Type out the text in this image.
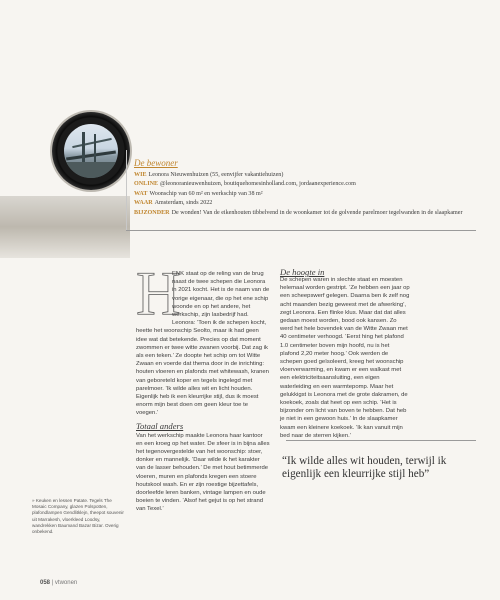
De bewoner
WIE Leonora Nieuwenhuizen (55, eenvijfer vakantiehuizen)
ONLINE @leonoranieuwenhuizen, boutiquehomesinholland.com, jordaanexperience.com
WAT Woonschip van 60 m² en werkschip van 38 m²
WAAR Amsterdam, sinds 2022
BIJZONDER De wonden! Van de eikenhouten tibbelvend in de woonkamer tot de golvende parelmoer tegelwanden in de slaapkamer
H

ENK staat op de reling van de brug naast de twee schepen die Leonora in 2021 kocht. Het is de naam van de vorige eigenaar, die op het ene schip woonde en op het andere, het werkschip, zijn lasbedrijf had. Leonora: ‘Toen ik de schepen kocht, heette het woonschip Seolto, maar ik had geen idee wat dat betekende. Precies op dat moment zwommen er twee witte zwanen voorbij. Dat zag ik als een teken.’ Ze doopte het schip om tot Witte Zwaan en voerde dat thema door in de inrichting: houten vloeren en plafonds met whitewash, kranen van geboreteld koper en tegels ingelegd met parelmoer. ‘Ik wilde alles wit en licht houden. Eigenlijk heb ik een kleurrijke stijl, dus ik moest enorm mijn best doen om geen kleur toe te voegen.’

Totaal anders

Van het werkschip maakte Leonora haar kantoor en een kroeg op het water. De sfeer is in bijna alles het tegenovergestelde van het woonschip: stoer, donker en mannelijk. ‘Daar wilde ik het karakter van de lasser behouden.’ De met hout betimmerde vloeren, muren en plafonds kregen een stoere houtskool wash. En er zijn roestige bijzettafels, doorleefde leren banken, vintage lampen en oude boeien te vinden. ‘Alsof het gejut is op het strand van Texel.’

De hoogte in

De schepen waren in slechte staat en moesten helemaal worden gestript. ‘Ze hebben een jaar op een scheepswerf gelegen. Daarna ben ik zelf nog acht maanden bezig geweest met de afwerking’, zegt Leonora. Een flinke klus. Maar dat dat alles gedaan moest worden, bood ook kansen. Zo werd het hele bovendek van de Witte Zwaan met 40 centimeter verhoogd. ‘Eerst hing het plafond 1.0 centimeter boven mijn hoofd, nu is het plafond 2,20 meter hoog.’ Ook werden de schepen goed geïsoleerd, kreeg het woonschip vloerverwarming, en kwam er een walkast met een elektriciteitsaansluiting, een eigen waterleiding en een warmtepomp. Maar het gelukkigst is Leonora met de grote dakramen, de koekoek, zoals dat heet op een schip. ‘Het is bijzonder om licht van boven te hebben. Dat heb je niet in een gewoon huis.’ In de slaapkamer kwam een kleinere koekoek. ‘Ik kan vanuit mijn bed naar de sterren kijken.’

“Ik wilde alles wit houden, terwijl ik eigenlijk een kleurrijke stijl heb”
» Keuken en lessen Patate. Tegels The Mosaic Company, glazen Polspotten, plafondlampen Gendlitklejn, theepot souvenir uit Marrakesh, vloerkleed Loodsy, wandrekken Baumand Bazar Bizar. Overig onbekend.
058 | vtwonen
